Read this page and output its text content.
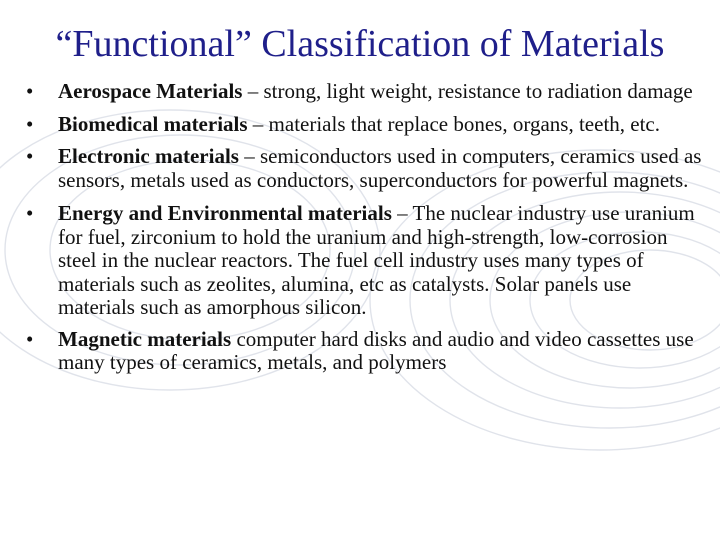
“Functional” Classification of Materials
•	Aerospace Materials – strong, light weight, resistance to radiation damage
•	Biomedical materials – materials that replace bones, organs, teeth, etc.
•	Electronic materials – semiconductors used in computers, ceramics used as sensors, metals used as conductors, superconductors for powerful magnets.
•	Energy and Environmental materials – The nuclear industry use uranium for fuel, zirconium to hold the uranium and high-strength, low-corrosion steel in the nuclear reactors. The fuel cell industry uses many types of materials such as zeolites, alumina, etc as catalysts. Solar panels use materials such as amorphous silicon.
•	Magnetic materials computer hard disks and audio and video cassettes use many types of ceramics, metals, and polymers
